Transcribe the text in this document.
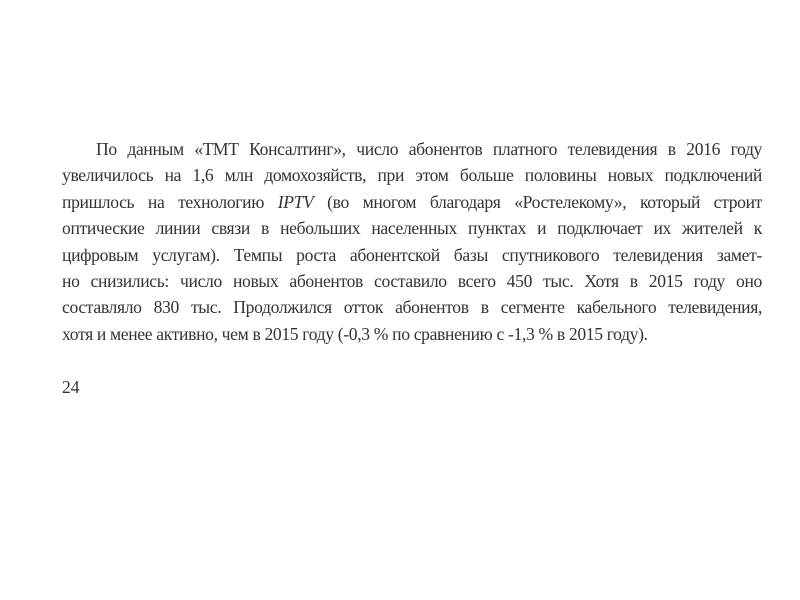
По данным «ТМТ Консалтинг», число абонентов платного телевидения в 2016 году
увеличилось на 1,6 млн домохозяйств, при этом больше половины новых подключений
пришлось на технологию IPTV (во многом благодаря «Ростелекому», который строит
оптические линии связи в небольших населенных пунктах и подключает их жителей к
цифровым услугам). Темпы роста абонентской базы спутникового телевидения замет-
но снизились: число новых абонентов составило всего 450 тыс. Хотя в 2015 году оно
составляло 830 тыс. Продолжился отток абонентов в сегменте кабельного телевидения,
хотя и менее активно, чем в 2015 году (-0,3 % по сравнению с -1,3 % в 2015 году).
24
